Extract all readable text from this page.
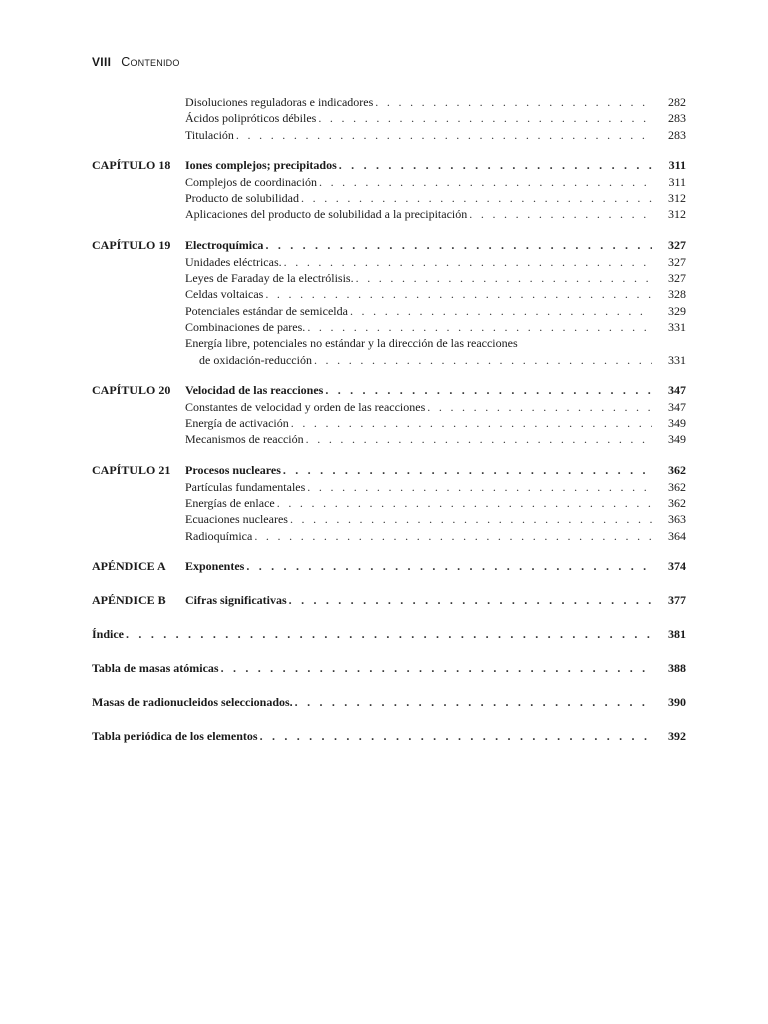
VIII Contenido
Disoluciones reguladoras e indicadores . . .	282
Ácidos polipróticos débiles . . .	283
Titulación . . .	283
CAPÍTULO 18	Iones complejos; precipitados . . .	311
Complejos de coordinación . . .	311
Producto de solubilidad . . .	312
Aplicaciones del producto de solubilidad a la precipitación . . .	312
CAPÍTULO 19	Electroquímica . . .	327
Unidades eléctricas. . . .	327
Leyes de Faraday de la electrólisis. . . .	327
Celdas voltaicas . . .	328
Potenciales estándar de semicelda . . .	329
Combinaciones de pares. . . .	331
Energía libre, potenciales no estándar y la dirección de las reacciones
de oxidación-reducción . . .	331
CAPÍTULO 20	Velocidad de las reacciones . . .	347
Constantes de velocidad y orden de las reacciones . . .	347
Energía de activación . . .	349
Mecanismos de reacción . . .	349
CAPÍTULO 21	Procesos nucleares . . .	362
Partículas fundamentales . . .	362
Energías de enlace . . .	362
Ecuaciones nucleares . . .	363
Radioquímica . . .	364
APÉNDICE A	Exponentes . . .	374
APÉNDICE B	Cifras significativas . . .	377
Índice . . .	381
Tabla de masas atómicas . . .	388
Masas de radionucleidos seleccionados. . . .	390
Tabla periódica de los elementos . . .	392
